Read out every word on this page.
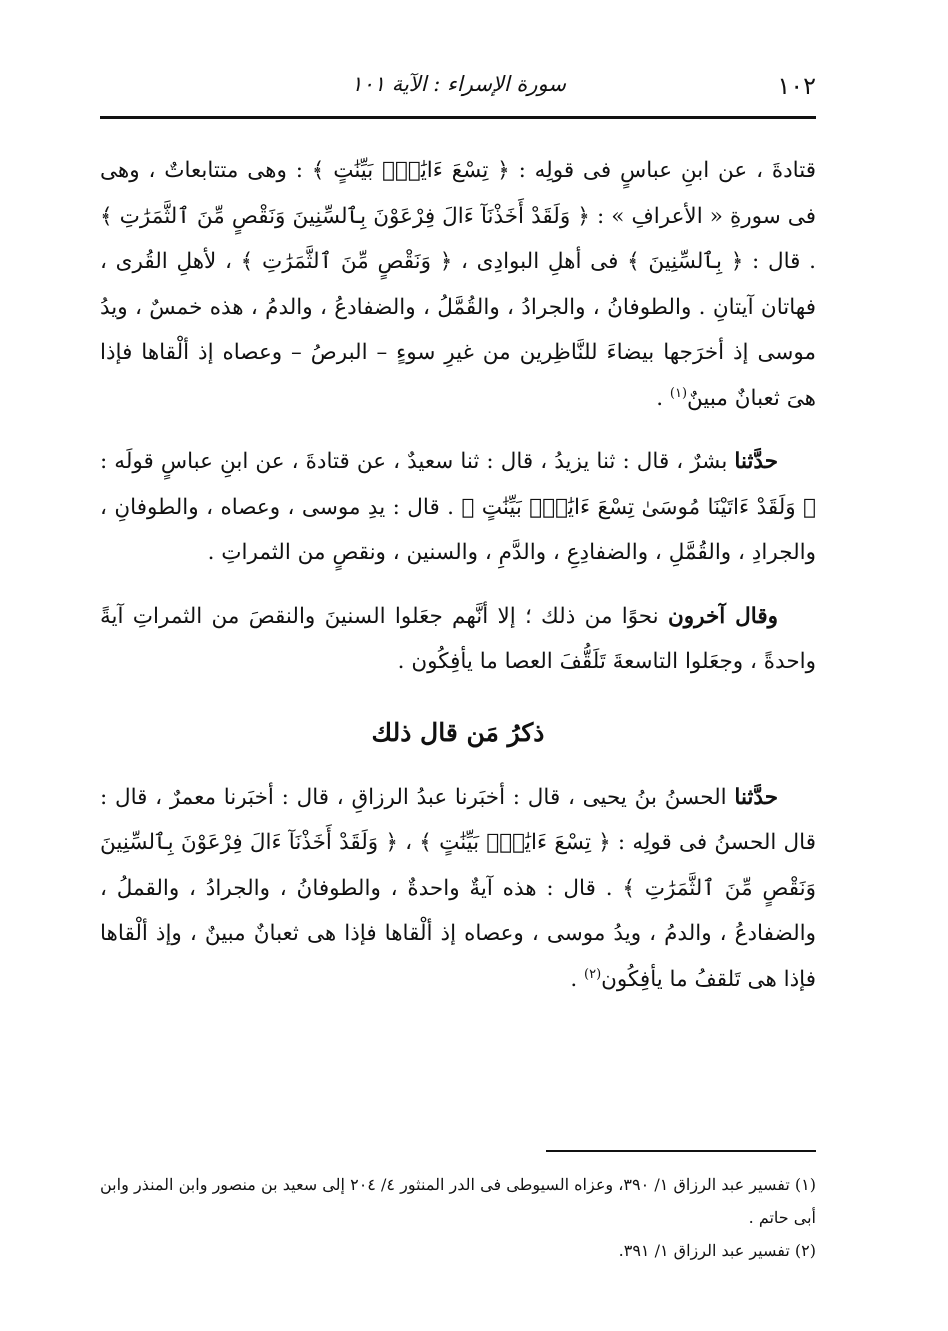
١٠٢
سورة الإسراء : الآية ١٠١

قتادةَ ، عن ابنِ عباسٍ فى قولِه : ﴿ تِسْعَ ءَايَٰتٍۭ بَيِّنَٰتٍ ﴾ : وهى متتابعاتٌ ، وهى فى سورةِ « الأعرافِ » : ﴿ وَلَقَدْ أَخَذْنَآ ءَالَ فِرْعَوْنَ بِٱلسِّنِينَ وَنَقْصٍ مِّنَ ٱلثَّمَرَٰتِ ﴾ . قال : ﴿ بِٱلسِّنِينَ ﴾ فى أهلِ البوادِى ، ﴿ وَنَقْصٍ مِّنَ ٱلثَّمَرَٰتِ ﴾ ، لأهلِ القُرى ، فهاتان آيتانِ . والطوفانُ ، والجرادُ ، والقُمَّلُ ، والضفادعُ ، والدمُ ، هذه خمسٌ ، ويدُ موسى إذ أخرَجها بيضاءَ للنَّاظِرين من غيرِ سوءٍ – البرصُ – وعصاه إذ ألْقاها فإذا هىَ ثعبانٌ مبينٌ$^{(١)}$ .

حدَّثنا بشرٌ ، قال : ثنا يزيدُ ، قال : ثنا سعيدٌ ، عن قتادةَ ، عن ابنِ عباسٍ قولَه : ﴿ وَلَقَدْ ءَاتَيْنَا مُوسَىٰ تِسْعَ ءَايَٰتٍۭ بَيِّنَٰتٍ ﴾ . قال : يدِ موسى ، وعصاه ، والطوفانِ ، والجرادِ ، والقُمَّلِ ، والضفادِعِ ، والدَّمِ ، والسنين ، ونقصٍ من الثمراتِ .

وقال آخرون نحوًا من ذلك ؛ إلا أنَّهم جعَلوا السنينَ والنقصَ من الثمراتِ آيةً واحدةً ، وجعَلوا التاسعةَ تَلَقُّفَ العصا ما يأفِكُون .

ذكرُ مَن قال ذلك

حدَّثنا الحسنُ بنُ يحيى ، قال : أخبَرنا عبدُ الرزاقِ ، قال : أخبَرنا معمرٌ ، قال : قال الحسنُ فى قولِه : ﴿ تِسْعَ ءَايَٰتٍۭ بَيِّنَٰتٍ ﴾ ، ﴿ وَلَقَدْ أَخَذْنَآ ءَالَ فِرْعَوْنَ بِٱلسِّنِينَ وَنَقْصٍ مِّنَ ٱلثَّمَرَٰتِ ﴾ . قال : هذه آيةٌ واحدةٌ ، والطوفانُ ، والجرادُ ، والقملُ ، والضفادعُ ، والدمُ ، ويدُ موسى ، وعصاه إذ ألْقاها فإذا هى ثعبانٌ مبينٌ ، وإذ ألْقاها فإذا هى تَلقفُ ما يأفِكُون$^{(٢)}$ .

(١) تفسير عبد الرزاق ١/ ٣٩٠، وعزاه السيوطى فى الدر المنثور ٤/ ٢٠٤ إلى سعيد بن منصور وابن المنذر وابن أبى حاتم .

(٢) تفسير عبد الرزاق ١/ ٣٩١.
